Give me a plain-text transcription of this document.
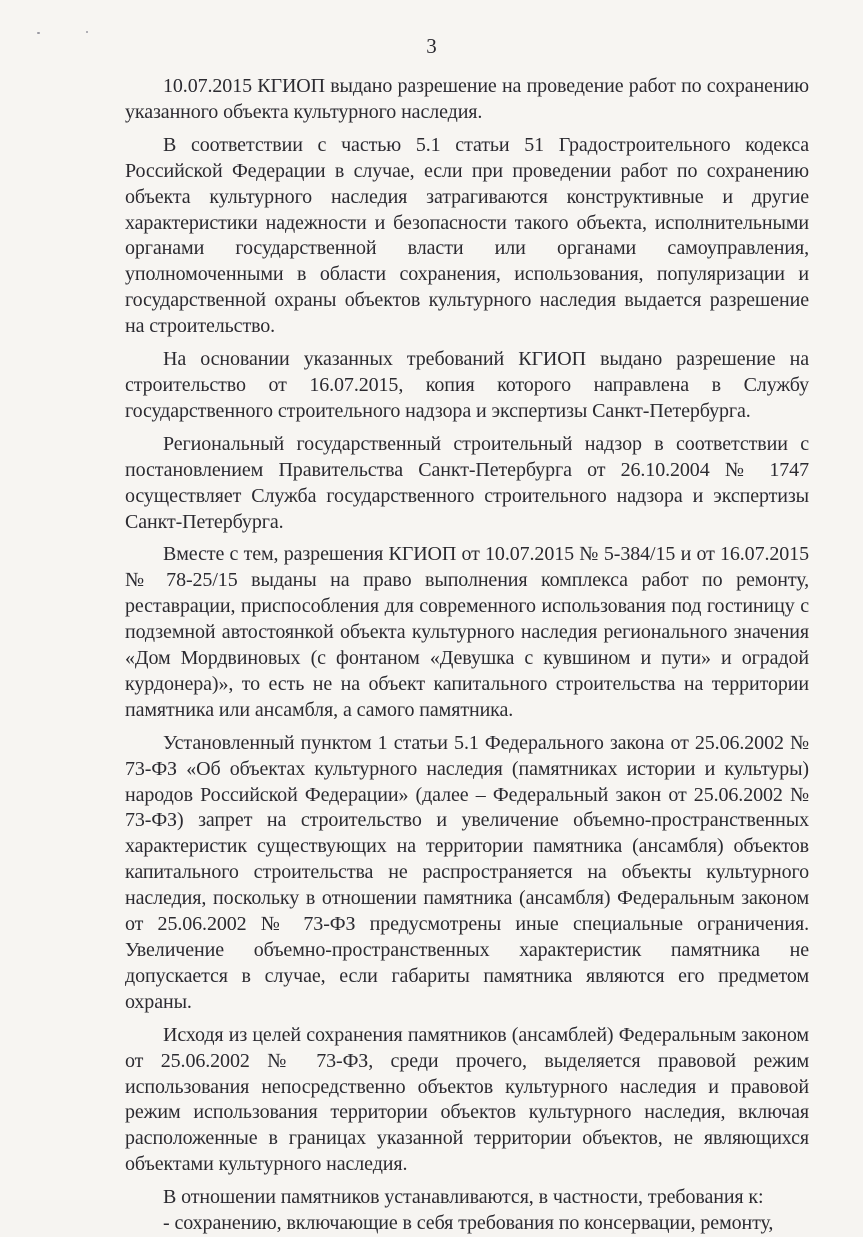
3

10.07.2015 КГИОП выдано разрешение на проведение работ по сохранению указанного объекта культурного наследия.

В соответствии с частью 5.1 статьи 51 Градостроительного кодекса Российской Федерации в случае, если при проведении работ по сохранению объекта культурного наследия затрагиваются конструктивные и другие характеристики надежности и безопасности такого объекта, исполнительными органами государственной власти или органами самоуправления, уполномоченными в области сохранения, использования, популяризации и государственной охраны объектов культурного наследия выдается разрешение на строительство.

На основании указанных требований КГИОП выдано разрешение на строительство от 16.07.2015, копия которого направлена в Службу государственного строительного надзора и экспертизы Санкт-Петербурга.

Региональный государственный строительный надзор в соответствии с постановлением Правительства Санкт-Петербурга от 26.10.2004 № 1747 осуществляет Служба государственного строительного надзора и экспертизы Санкт-Петербурга.

Вместе с тем, разрешения КГИОП от 10.07.2015 № 5-384/15 и от 16.07.2015 № 78-25/15 выданы на право выполнения комплекса работ по ремонту, реставрации, приспособления для современного использования под гостиницу с подземной автостоянкой объекта культурного наследия регионального значения «Дом Мордвиновых (с фонтаном «Девушка с кувшином и пути» и оградой курдонера)», то есть не на объект капитального строительства на территории памятника или ансамбля, а самого памятника.

Установленный пунктом 1 статьи 5.1 Федерального закона от 25.06.2002 № 73-ФЗ «Об объектах культурного наследия (памятниках истории и культуры) народов Российской Федерации» (далее – Федеральный закон от 25.06.2002 № 73-ФЗ) запрет на строительство и увеличение объемно-пространственных характеристик существующих на территории памятника (ансамбля) объектов капитального строительства не распространяется на объекты культурного наследия, поскольку в отношении памятника (ансамбля) Федеральным законом от 25.06.2002 № 73-ФЗ предусмотрены иные специальные ограничения. Увеличение объемно-пространственных характеристик памятника не допускается в случае, если габариты памятника являются его предметом охраны.

Исходя из целей сохранения памятников (ансамблей) Федеральным законом от 25.06.2002 № 73-ФЗ, среди прочего, выделяется правовой режим использования непосредственно объектов культурного наследия и правовой режим использования территории объектов культурного наследия, включая расположенные в границах указанной территории объектов, не являющихся объектами культурного наследия.

В отношении памятников устанавливаются, в частности, требования к:

- сохранению, включающие в себя требования по консервации, ремонту,
